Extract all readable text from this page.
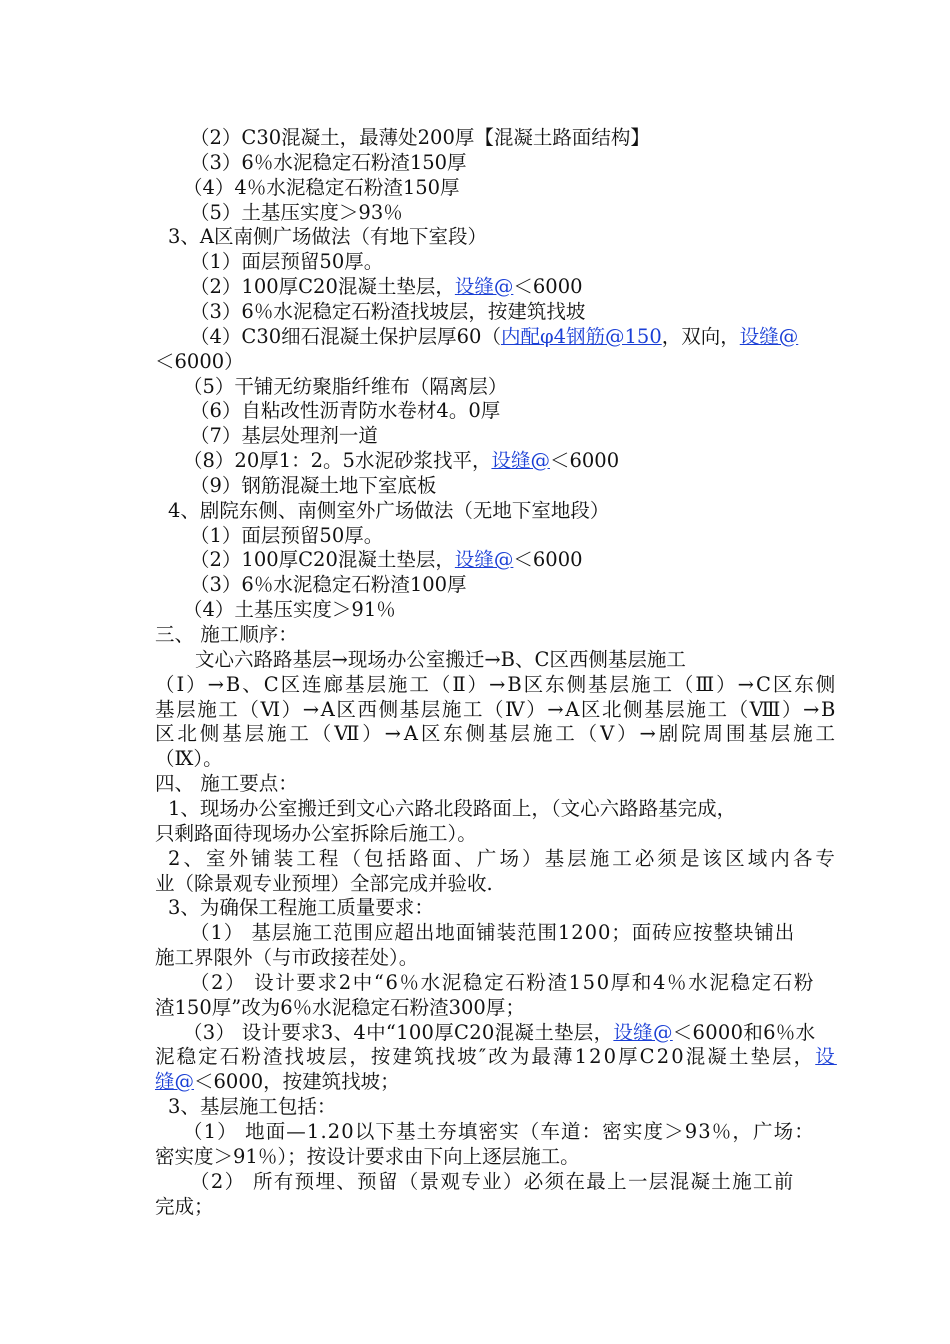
（2）C30混凝土，最薄处200厚【混凝土路面结构】
（3）6％水泥稳定石粉渣150厚
（4）4％水泥稳定石粉渣150厚
（5）土基压实度＞93％
3、A区南侧广场做法（有地下室段）
（1）面层预留50厚。
（2）100厚C20混凝土垫层，设缝@＜6000
（3）6％水泥稳定石粉渣找坡层，按建筑找坡
（4）C30细石混凝土保护层厚60（内配φ4钢筋@150，双向，设缝@
＜6000）
（5）干铺无纺聚脂纤维布（隔离层）
（6）自粘改性沥青防水卷材4。0厚
（7）基层处理剂一道
（8）20厚1：2。5水泥砂浆找平，设缝@＜6000
（9）钢筋混凝土地下室底板
4、剧院东侧、南侧室外广场做法（无地下室地段）
（1）面层预留50厚。
（2）100厚C20混凝土垫层，设缝@＜6000
（3）6％水泥稳定石粉渣100厚
（4）土基压实度＞91％
三、 施工顺序：
文心六路路基层→现场办公室搬迁→B、C区西侧基层施工
（Ⅰ）→B、C区连廊基层施工（Ⅱ）→B区东侧基层施工（Ⅲ）→C区东侧
基层施工（Ⅵ）→A区西侧基层施工（Ⅳ）→A区北侧基层施工（Ⅷ）→B
区北侧基层施工（Ⅶ）→A区东侧基层施工（Ⅴ）→剧院周围基层施工
（Ⅸ）。
四、 施工要点：
1、现场办公室搬迁到文心六路北段路面上，（文心六路路基完成，
只剩路面待现场办公室拆除后施工）。
2、室外铺装工程（包括路面、广场）基层施工必须是该区域内各专
业（除景观专业预埋）全部完成并验收.
3、为确保工程施工质量要求：
（1） 基层施工范围应超出地面铺装范围1200；面砖应按整块铺出
施工界限外（与市政接茬处）。
（2） 设计要求2中“6％水泥稳定石粉渣150厚和4％水泥稳定石粉
渣150厚”改为6％水泥稳定石粉渣300厚；
（3） 设计要求3、4中“100厚C20混凝土垫层，设缝@＜6000和6％水
泥稳定石粉渣找坡层，按建筑找坡″改为最薄120厚C20混凝土垫层，设
缝@＜6000，按建筑找坡；
3、基层施工包括：
（1） 地面—1.20以下基土夯填密实（车道：密实度＞93％，广场：
密实度＞91％）；按设计要求由下向上逐层施工。
（2） 所有预埋、预留（景观专业）必须在最上一层混凝土施工前
完成；
